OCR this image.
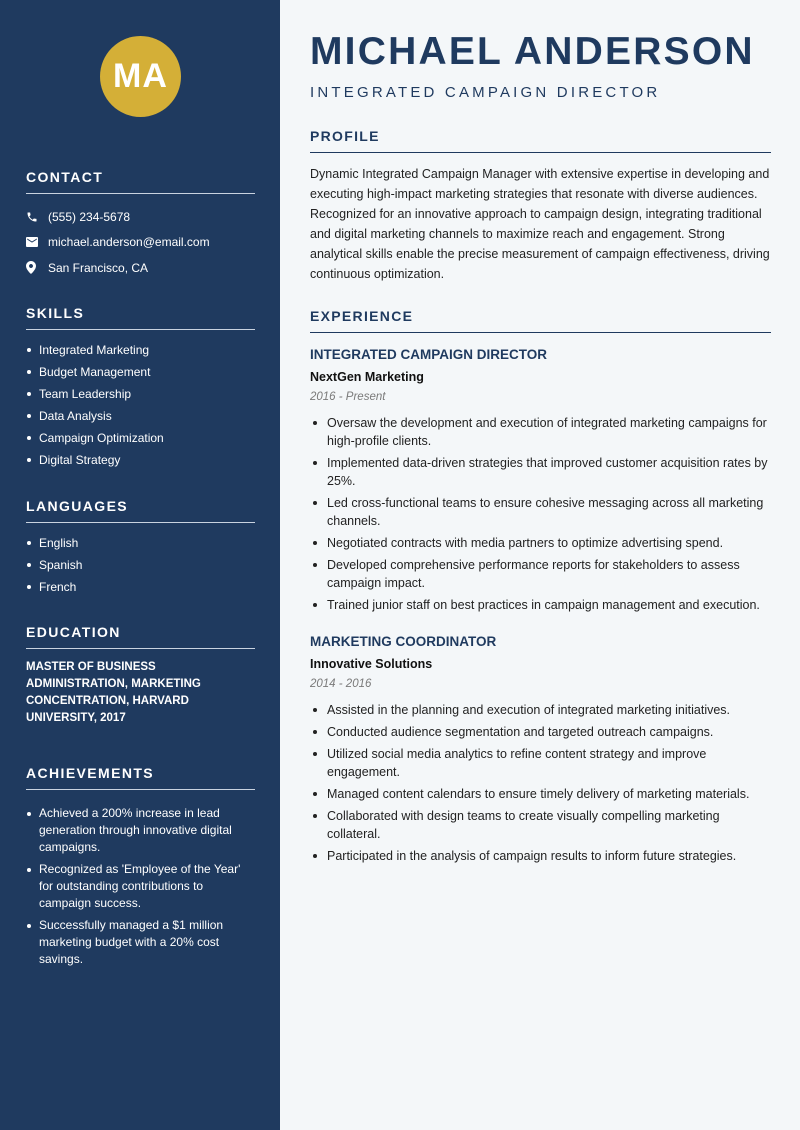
MA
CONTACT
(555) 234-5678
michael.anderson@email.com
San Francisco, CA
SKILLS
Integrated Marketing
Budget Management
Team Leadership
Data Analysis
Campaign Optimization
Digital Strategy
LANGUAGES
English
Spanish
French
EDUCATION

MASTER OF BUSINESS ADMINISTRATION, MARKETING CONCENTRATION, HARVARD UNIVERSITY, 2017

ACHIEVEMENTS
Achieved a 200% increase in lead generation through innovative digital campaigns.
Recognized as 'Employee of the Year' for outstanding contributions to campaign success.
Successfully managed a $1 million marketing budget with a 20% cost savings.
MICHAEL ANDERSON
INTEGRATED CAMPAIGN DIRECTOR
PROFILE

Dynamic Integrated Campaign Manager with extensive expertise in developing and executing high-impact marketing strategies that resonate with diverse audiences. Recognized for an innovative approach to campaign design, integrating traditional and digital marketing channels to maximize reach and engagement. Strong analytical skills enable the precise measurement of campaign effectiveness, driving continuous optimization.

EXPERIENCE
INTEGRATED CAMPAIGN DIRECTOR
NextGen Marketing
2016 - Present
Oversaw the development and execution of integrated marketing campaigns for high-profile clients.
Implemented data-driven strategies that improved customer acquisition rates by 25%.
Led cross-functional teams to ensure cohesive messaging across all marketing channels.
Negotiated contracts with media partners to optimize advertising spend.
Developed comprehensive performance reports for stakeholders to assess campaign impact.
Trained junior staff on best practices in campaign management and execution.
MARKETING COORDINATOR
Innovative Solutions
2014 - 2016
Assisted in the planning and execution of integrated marketing initiatives.
Conducted audience segmentation and targeted outreach campaigns.
Utilized social media analytics to refine content strategy and improve engagement.
Managed content calendars to ensure timely delivery of marketing materials.
Collaborated with design teams to create visually compelling marketing collateral.
Participated in the analysis of campaign results to inform future strategies.
